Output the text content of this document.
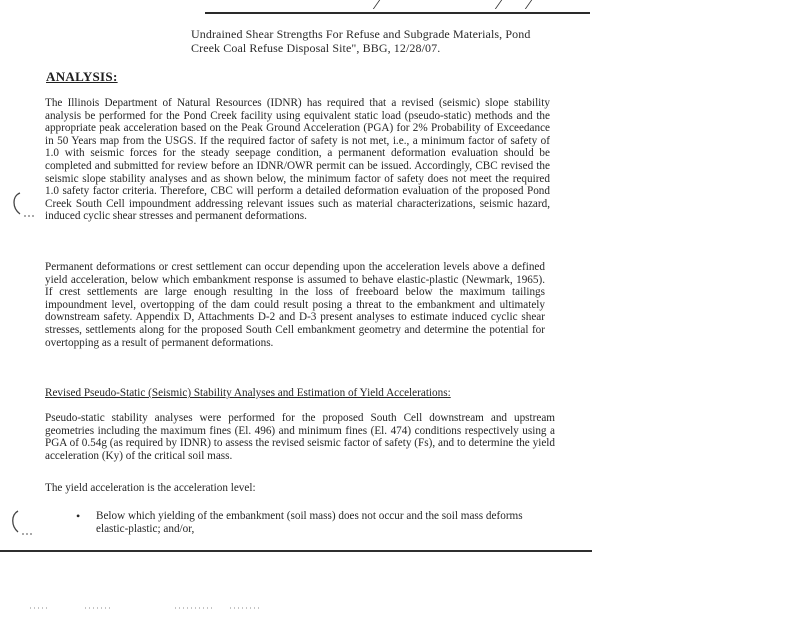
Undrained Shear Strengths For Refuse and Subgrade Materials, Pond
Creek Coal Refuse Disposal Site", BBG, 12/28/07.
ANALYSIS:

The Illinois Department of Natural Resources (IDNR) has required that a revised (seismic) slope stability analysis be performed for the Pond Creek facility using equivalent static load (pseudo-static) methods and the appropriate peak acceleration based on the Peak Ground Acceleration (PGA) for 2% Probability of Exceedance in 50 Years map from the USGS. If the required factor of safety is not met, i.e., a minimum factor of safety of 1.0 with seismic forces for the steady seepage condition, a permanent deformation evaluation should be completed and submitted for review before an IDNR/OWR permit can be issued. Accordingly, CBC revised the seismic slope stability analyses and as shown below, the minimum factor of safety does not meet the required 1.0 safety factor criteria. Therefore, CBC will perform a detailed deformation evaluation of the proposed Pond Creek South Cell impoundment addressing relevant issues such as material characterizations, seismic hazard, induced cyclic shear stresses and permanent deformations.

Permanent deformations or crest settlement can occur depending upon the acceleration levels above a defined yield acceleration, below which embankment response is assumed to behave elastic-plastic (Newmark, 1965). If crest settlements are large enough resulting in the loss of freeboard below the maximum tailings impoundment level, overtopping of the dam could result posing a threat to the embankment and ultimately downstream safety. Appendix D, Attachments D-2 and D-3 present analyses to estimate induced cyclic shear stresses, settlements along for the proposed South Cell embankment geometry and determine the potential for overtopping as a result of permanent deformations.

Revised Pseudo-Static (Seismic) Stability Analyses and Estimation of Yield Accelerations:

Pseudo-static stability analyses were performed for the proposed South Cell downstream and upstream geometries including the maximum fines (El. 496) and minimum fines (El. 474) conditions respectively using a PGA of 0.54g (as required by IDNR) to assess the revised seismic factor of safety (Fs), and to determine the yield acceleration (Ky) of the critical soil mass.

The yield acceleration is the acceleration level:

• Below which yielding of the embankment (soil mass) does not occur and the soil mass deforms elastic-plastic; and/or,
